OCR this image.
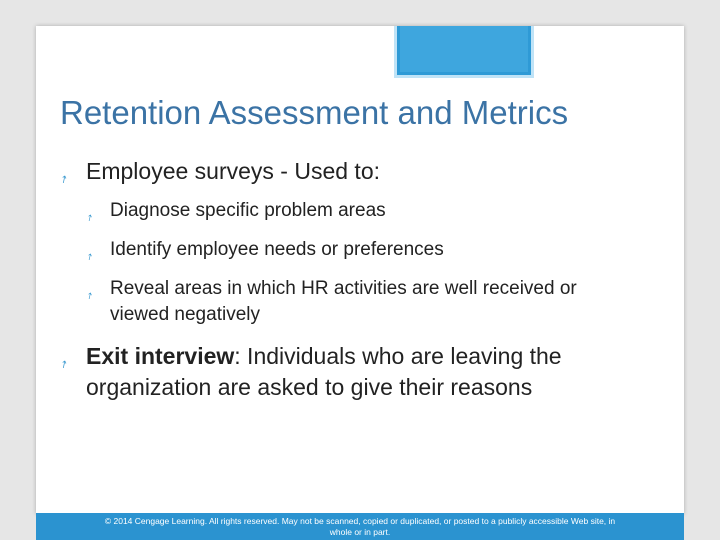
Retention Assessment and Metrics
⭎ Employee surveys - Used to:
⭎ Diagnose specific problem areas
⭎ Identify employee needs or preferences
⭎ Reveal areas in which HR activities are well received or
viewed negatively
⭎ Exit interview: Individuals who are leaving the
organization are asked to give their reasons
© 2014 Cengage Learning. All rights reserved. May not be scanned, copied or duplicated, or posted to a publicly accessible Web site, in
whole or in part.
